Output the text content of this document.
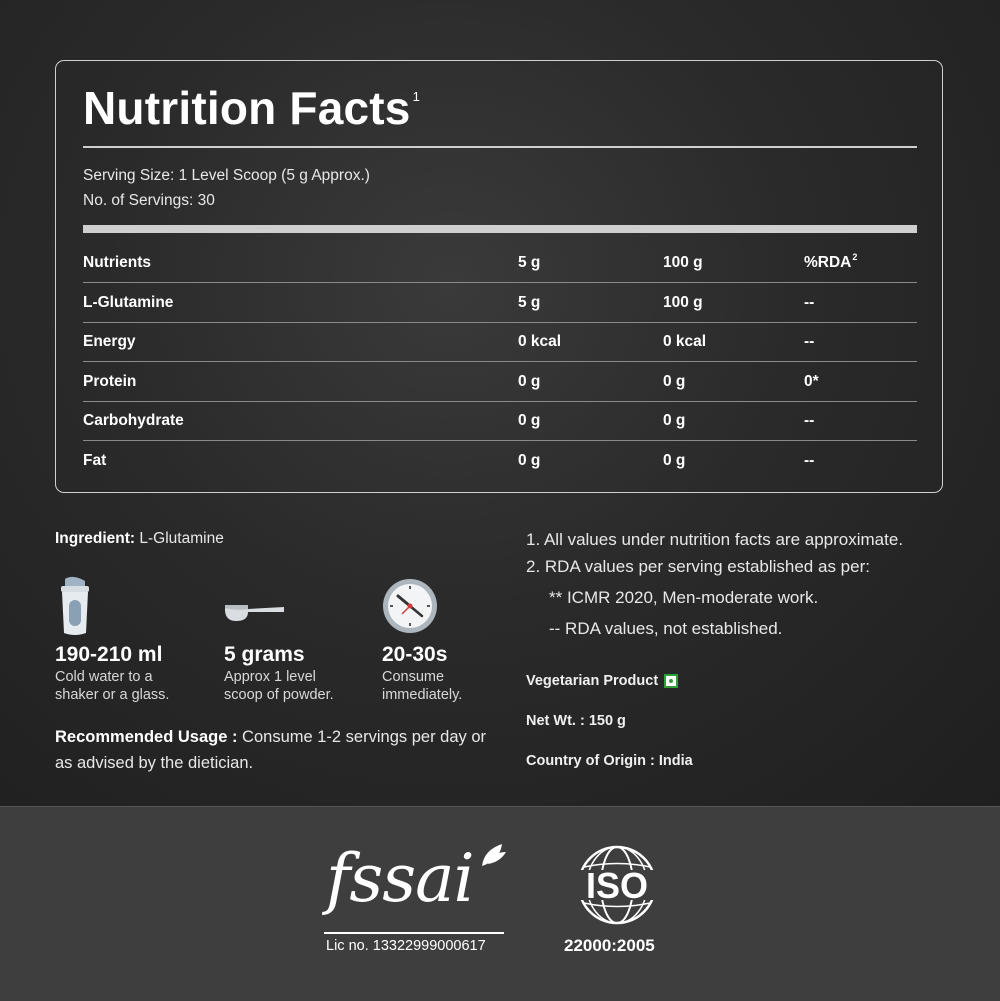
Nutrition Facts $^1$
Serving Size: 1 Level Scoop (5 g Approx.)
No. of Servings: 30
Nutrients	5 g	100 g	%RDA$^2$
L-Glutamine	5 g	100 g	--
Energy	0 kcal	0 kcal	--
Protein	0 g	0 g	0*
Carbohydrate	0 g	0 g	--
Fat	0 g	0 g	--
Ingredient: L-Glutamine
190-210 ml
Cold water to a
shaker or a glass.
5 grams
Approx 1 level
scoop of powder.
20-30s
Consume
immediately.
Recommended Usage : Consume 1-2 servings per day or as advised by the dietician.
1. All values under nutrition facts are approximate.
2. RDA values per serving established as per:
** ICMR 2020, Men-moderate work.
-- RDA values, not established.
Vegetarian Product
Net Wt. : 150 g
Country of Origin : India
fssai
Lic no. 13322999000617
ISO
22000:2005
